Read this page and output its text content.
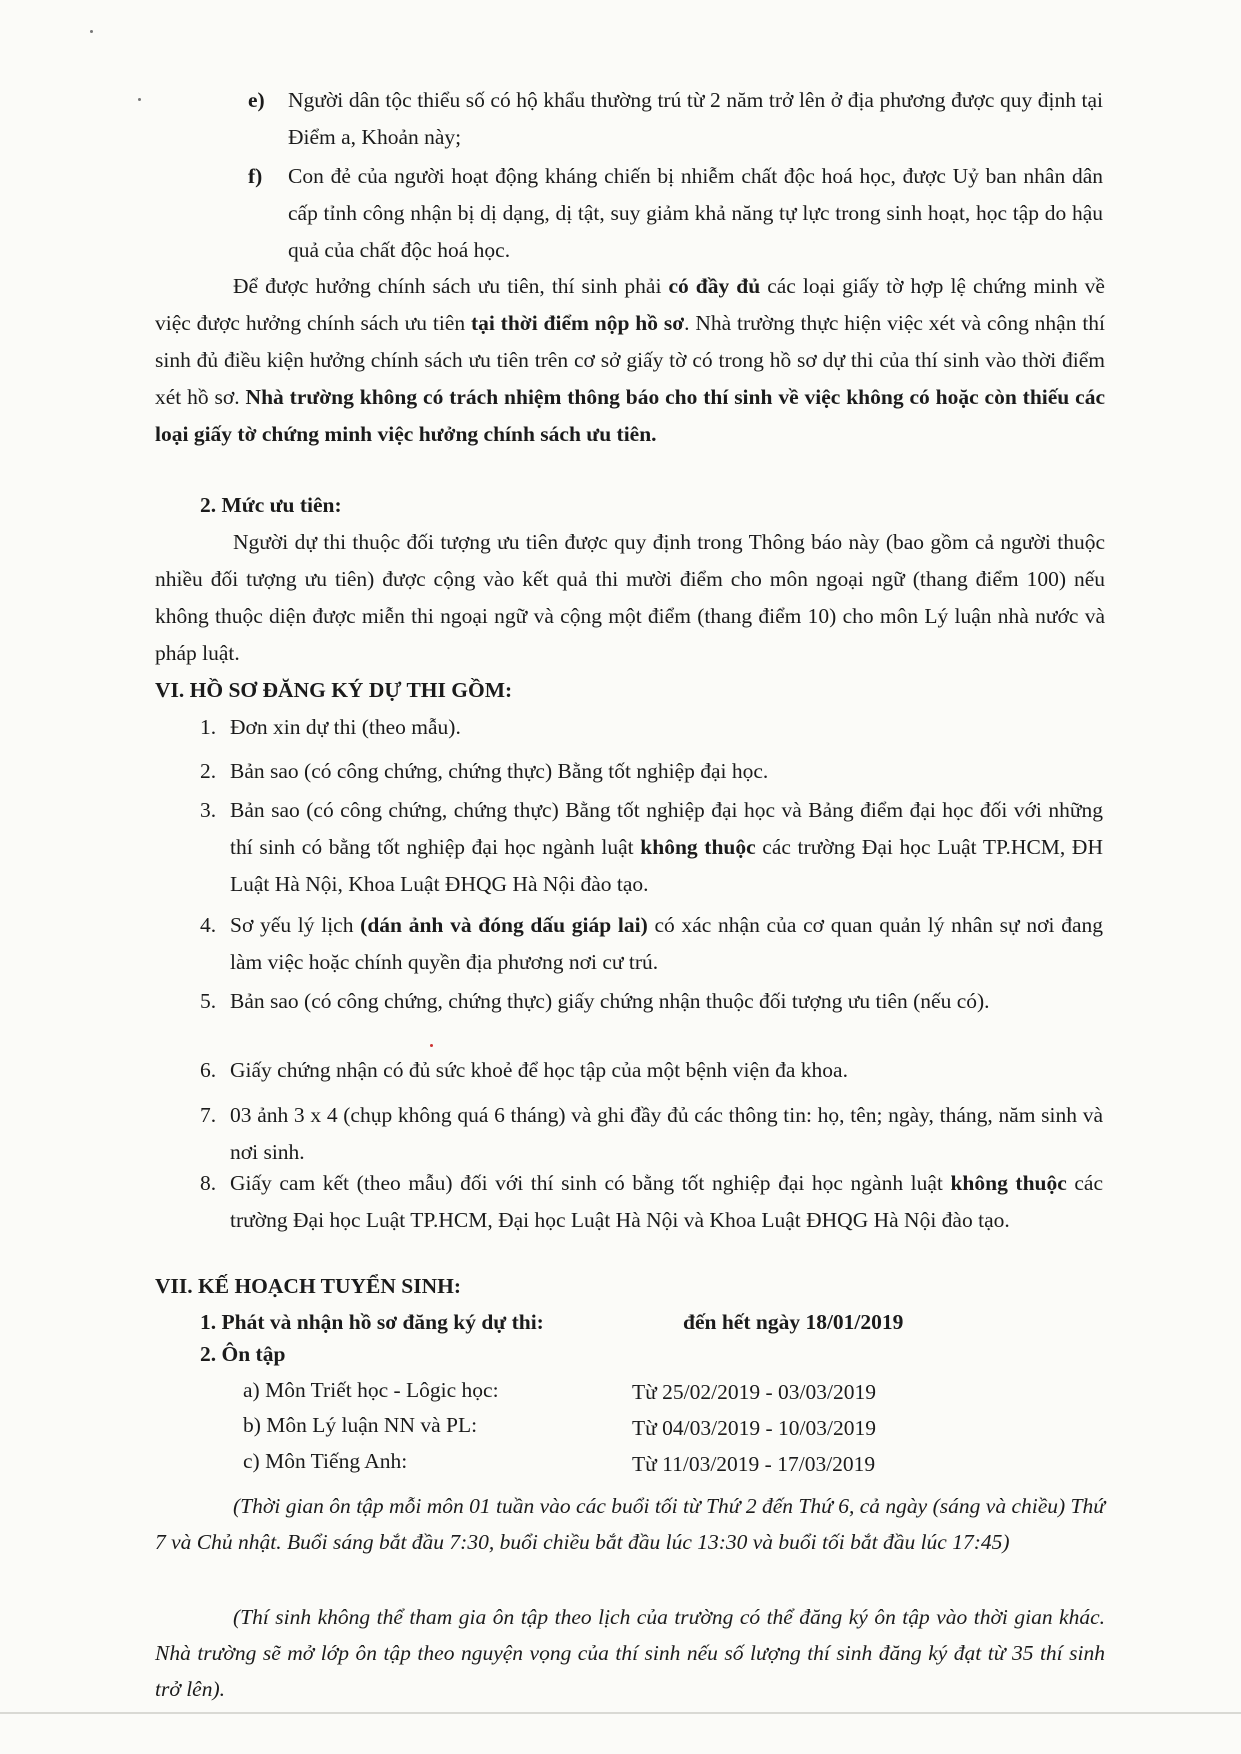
e) Người dân tộc thiểu số có hộ khẩu thường trú từ 2 năm trở lên ở địa phương được quy định tại Điểm a, Khoản này;

f) Con đẻ của người hoạt động kháng chiến bị nhiễm chất độc hoá học, được Uỷ ban nhân dân cấp tỉnh công nhận bị dị dạng, dị tật, suy giảm khả năng tự lực trong sinh hoạt, học tập do hậu quả của chất độc hoá học.

Để được hưởng chính sách ưu tiên, thí sinh phải có đầy đủ các loại giấy tờ hợp lệ chứng minh về việc được hưởng chính sách ưu tiên tại thời điểm nộp hồ sơ. Nhà trường thực hiện việc xét và công nhận thí sinh đủ điều kiện hưởng chính sách ưu tiên trên cơ sở giấy tờ có trong hồ sơ dự thi của thí sinh vào thời điểm xét hồ sơ. Nhà trường không có trách nhiệm thông báo cho thí sinh về việc không có hoặc còn thiếu các loại giấy tờ chứng minh việc hưởng chính sách ưu tiên.

2. Mức ưu tiên:

Người dự thi thuộc đối tượng ưu tiên được quy định trong Thông báo này (bao gồm cả người thuộc nhiều đối tượng ưu tiên) được cộng vào kết quả thi mười điểm cho môn ngoại ngữ (thang điểm 100) nếu không thuộc diện được miễn thi ngoại ngữ và cộng một điểm (thang điểm 10) cho môn Lý luận nhà nước và pháp luật.

VI. HỒ SƠ ĐĂNG KÝ DỰ THI GỒM:
1. Đơn xin dự thi (theo mẫu).

2. Bản sao (có công chứng, chứng thực) Bằng tốt nghiệp đại học.

3. Bản sao (có công chứng, chứng thực) Bằng tốt nghiệp đại học và Bảng điểm đại học đối với những thí sinh có bằng tốt nghiệp đại học ngành luật không thuộc các trường Đại học Luật TP.HCM, ĐH Luật Hà Nội, Khoa Luật ĐHQG Hà Nội đào tạo.

4. Sơ yếu lý lịch (dán ảnh và đóng dấu giáp lai) có xác nhận của cơ quan quản lý nhân sự nơi đang làm việc hoặc chính quyền địa phương nơi cư trú.

5. Bản sao (có công chứng, chứng thực) giấy chứng nhận thuộc đối tượng ưu tiên (nếu có).

6. Giấy chứng nhận có đủ sức khoẻ để học tập của một bệnh viện đa khoa.

7. 03 ảnh 3 x 4 (chụp không quá 6 tháng) và ghi đầy đủ các thông tin: họ, tên; ngày, tháng, năm sinh và nơi sinh.

8. Giấy cam kết (theo mẫu) đối với thí sinh có bằng tốt nghiệp đại học ngành luật không thuộc các trường Đại học Luật TP.HCM, Đại học Luật Hà Nội và Khoa Luật ĐHQG Hà Nội đào tạo.

VII. KẾ HOẠCH TUYỂN SINH:
1. Phát và nhận hồ sơ đăng ký dự thi:	đến hết ngày 18/01/2019
2. Ôn tập
a) Môn Triết học - Lôgic học:	Từ 25/02/2019 - 03/03/2019
b) Môn Lý luận NN và PL:	Từ 04/03/2019 - 10/03/2019
c) Môn Tiếng Anh:	Từ 11/03/2019 - 17/03/2019

(Thời gian ôn tập mỗi môn 01 tuần vào các buổi tối từ Thứ 2 đến Thứ 6, cả ngày (sáng và chiều) Thứ 7 và Chủ nhật. Buổi sáng bắt đầu 7:30, buổi chiều bắt đầu lúc 13:30 và buổi tối bắt đầu lúc 17:45)

(Thí sinh không thể tham gia ôn tập theo lịch của trường có thể đăng ký ôn tập vào thời gian khác. Nhà trường sẽ mở lớp ôn tập theo nguyện vọng của thí sinh nếu số lượng thí sinh đăng ký đạt từ 35 thí sinh trở lên).
